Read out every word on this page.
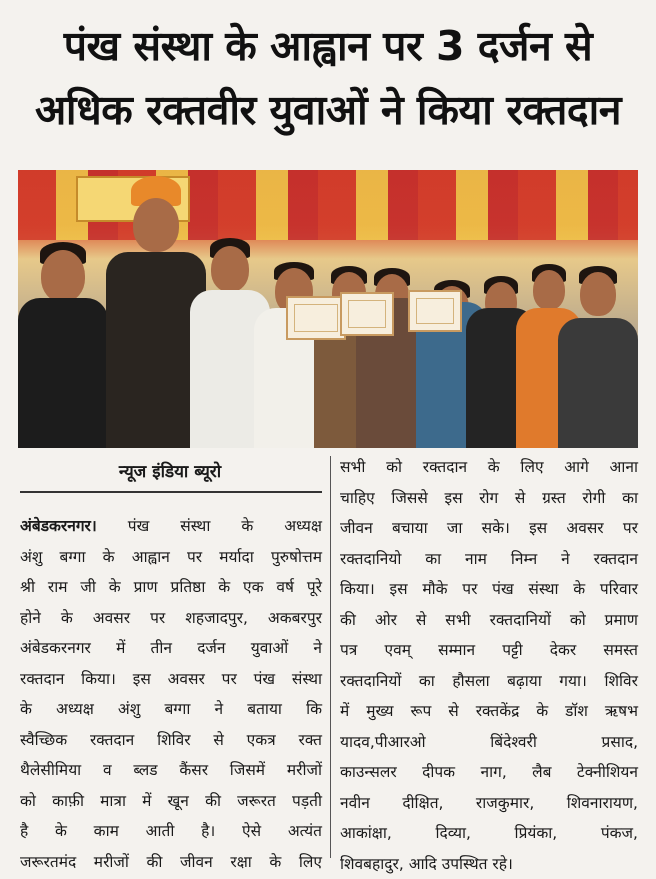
पंख संस्था के आह्वान पर 3 दर्जन से
अधिक रक्तवीर युवाओं ने किया रक्तदान
न्यूज इंडिया ब्यूरो
अंबेडकरनगर। पंख संस्था के अध्यक्ष
अंशु बग्गा के आह्वान पर मर्यादा पुरुषोत्तम
श्री राम जी के प्राण प्रतिष्ठा के एक वर्ष पूरे
होने के अवसर पर शहजादपुर, अकबरपुर
अंबेडकरनगर में तीन दर्जन युवाओं ने
रक्तदान किया। इस अवसर पर पंख संस्था
के अध्यक्ष अंशु बग्गा ने बताया कि
स्वैच्छिक रक्तदान शिविर से एकत्र रक्त
थैलेसीमिया व ब्लड कैंसर जिसमें मरीजों
को काफ़ी मात्रा में खून की जरूरत पड़ती
है के काम आती है। ऐसे अत्यंत
जरूरतमंद मरीजों की जीवन रक्षा के लिए
सभी को रक्तदान के लिए आगे आना
चाहिए जिससे इस रोग से ग्रस्त रोगी का
जीवन बचाया जा सके। इस अवसर पर
रक्तदानियो का नाम निम्न ने रक्तदान
किया। इस मौके पर पंख संस्था के परिवार
की ओर से सभी रक्तदानियों को प्रमाण
पत्र एवम् सम्मान पट्टी देकर समस्त
रक्तदानियों का हौसला बढ़ाया गया। शिविर
में मुख्य रूप से रक्तकेंद्र के डॉश ऋषभ
यादव,पीआरओ बिंदेश्वरी प्रसाद,
काउन्सलर दीपक नाग, लैब टेक्नीशियन
नवीन दीक्षित, राजकुमार, शिवनारायण,
आकांक्षा, दिव्या, प्रियंका, पंकज,
शिवबहादुर, आदि उपस्थित रहे।
